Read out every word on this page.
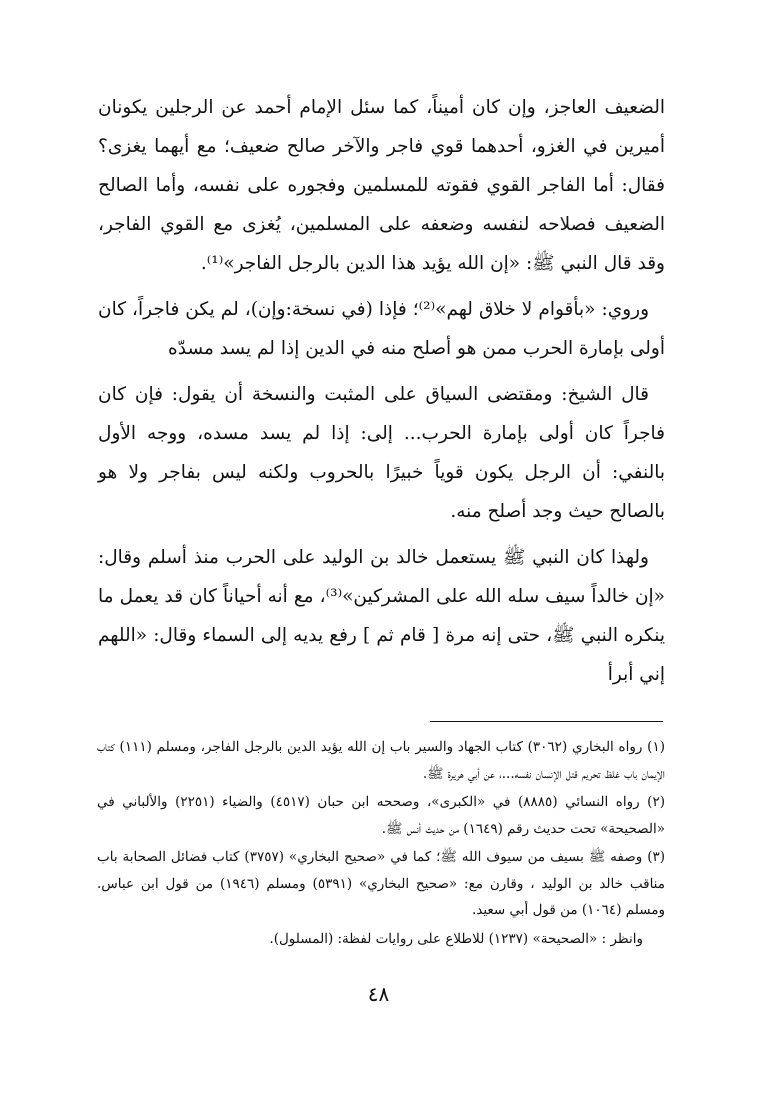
الضعيف العاجز، وإن كان أميناً، كما سئل الإمام أحمد عن الرجلين يكونان أميرين في الغزو، أحدهما قوي فاجر والآخر صالح ضعيف؛ مع أيهما يغزى؟ فقال: أما الفاجر القوي فقوته للمسلمين وفجوره على نفسه، وأما الصالح الضعيف فصلاحه لنفسه وضعفه على المسلمين، يُغزى مع القوي الفاجر، وقد قال النبي ﷺ: «إن الله يؤيد هذا الدين بالرجل الفاجر»⁽¹⁾.

وروي: «بأقوام لا خلاق لهم»⁽²⁾؛ فإذا (في نسخة:وإن)، لم يكن فاجراً، كان أولى بإمارة الحرب ممن هو أصلح منه في الدين إذا لم يسد مسدّه

قال الشيخ: ومقتضى السياق على المثبت والنسخة أن يقول: فإن كان فاجراً كان أولى بإمارة الحرب... إلى: إذا لم يسد مسده، ووجه الأول بالنفي: أن الرجل يكون قوياً خبيرًا بالحروب ولكنه ليس بفاجر ولا هو بالصالح حيث وجد أصلح منه.

ولهذا كان النبي ﷺ يستعمل خالد بن الوليد على الحرب منذ أسلم وقال: «إن خالداً سيف سله الله على المشركين»⁽³⁾، مع أنه أحياناً كان قد يعمل ما ينكره النبي ﷺ، حتى إنه مرة [ قام ثم ] رفع يديه إلى السماء وقال: «اللهم إني أبرأ

(١) رواه البخاري (٣٠٦٢) كتاب الجهاد والسير باب إن الله يؤيد الدين بالرجل الفاجر، ومسلم (١١١) كتاب الإيمان باب غلظ تحريم قتل الإنسان نفسه...، عن أبي هريرة ﷺ.

(٢) رواه النسائي (٨٨٨٥) في «الكبرى»، وصححه ابن حبان (٤٥١٧) والضياء (٢٢٥١) والألباني في «الصحيحة» تحت حديث رقم (١٦٤٩) من حديث أنس ﷺ.

(٣) وصفه ﷺ بسيف من سيوف الله ﷺ؛ كما في «صحيح البخاري» (٣٧٥٧) كتاب فضائل الصحابة باب مناقب خالد بن الوليد ، وقارن مع: «صحيح البخاري» (٥٣٩١) ومسلم (١٩٤٦) من قول ابن عباس. ومسلم (١٠٦٤) من قول أبي سعيد.

وانظر : «الصحيحة» (١٢٣٧) للاطلاع على روايات لفظة: (المسلول).

٤٨
